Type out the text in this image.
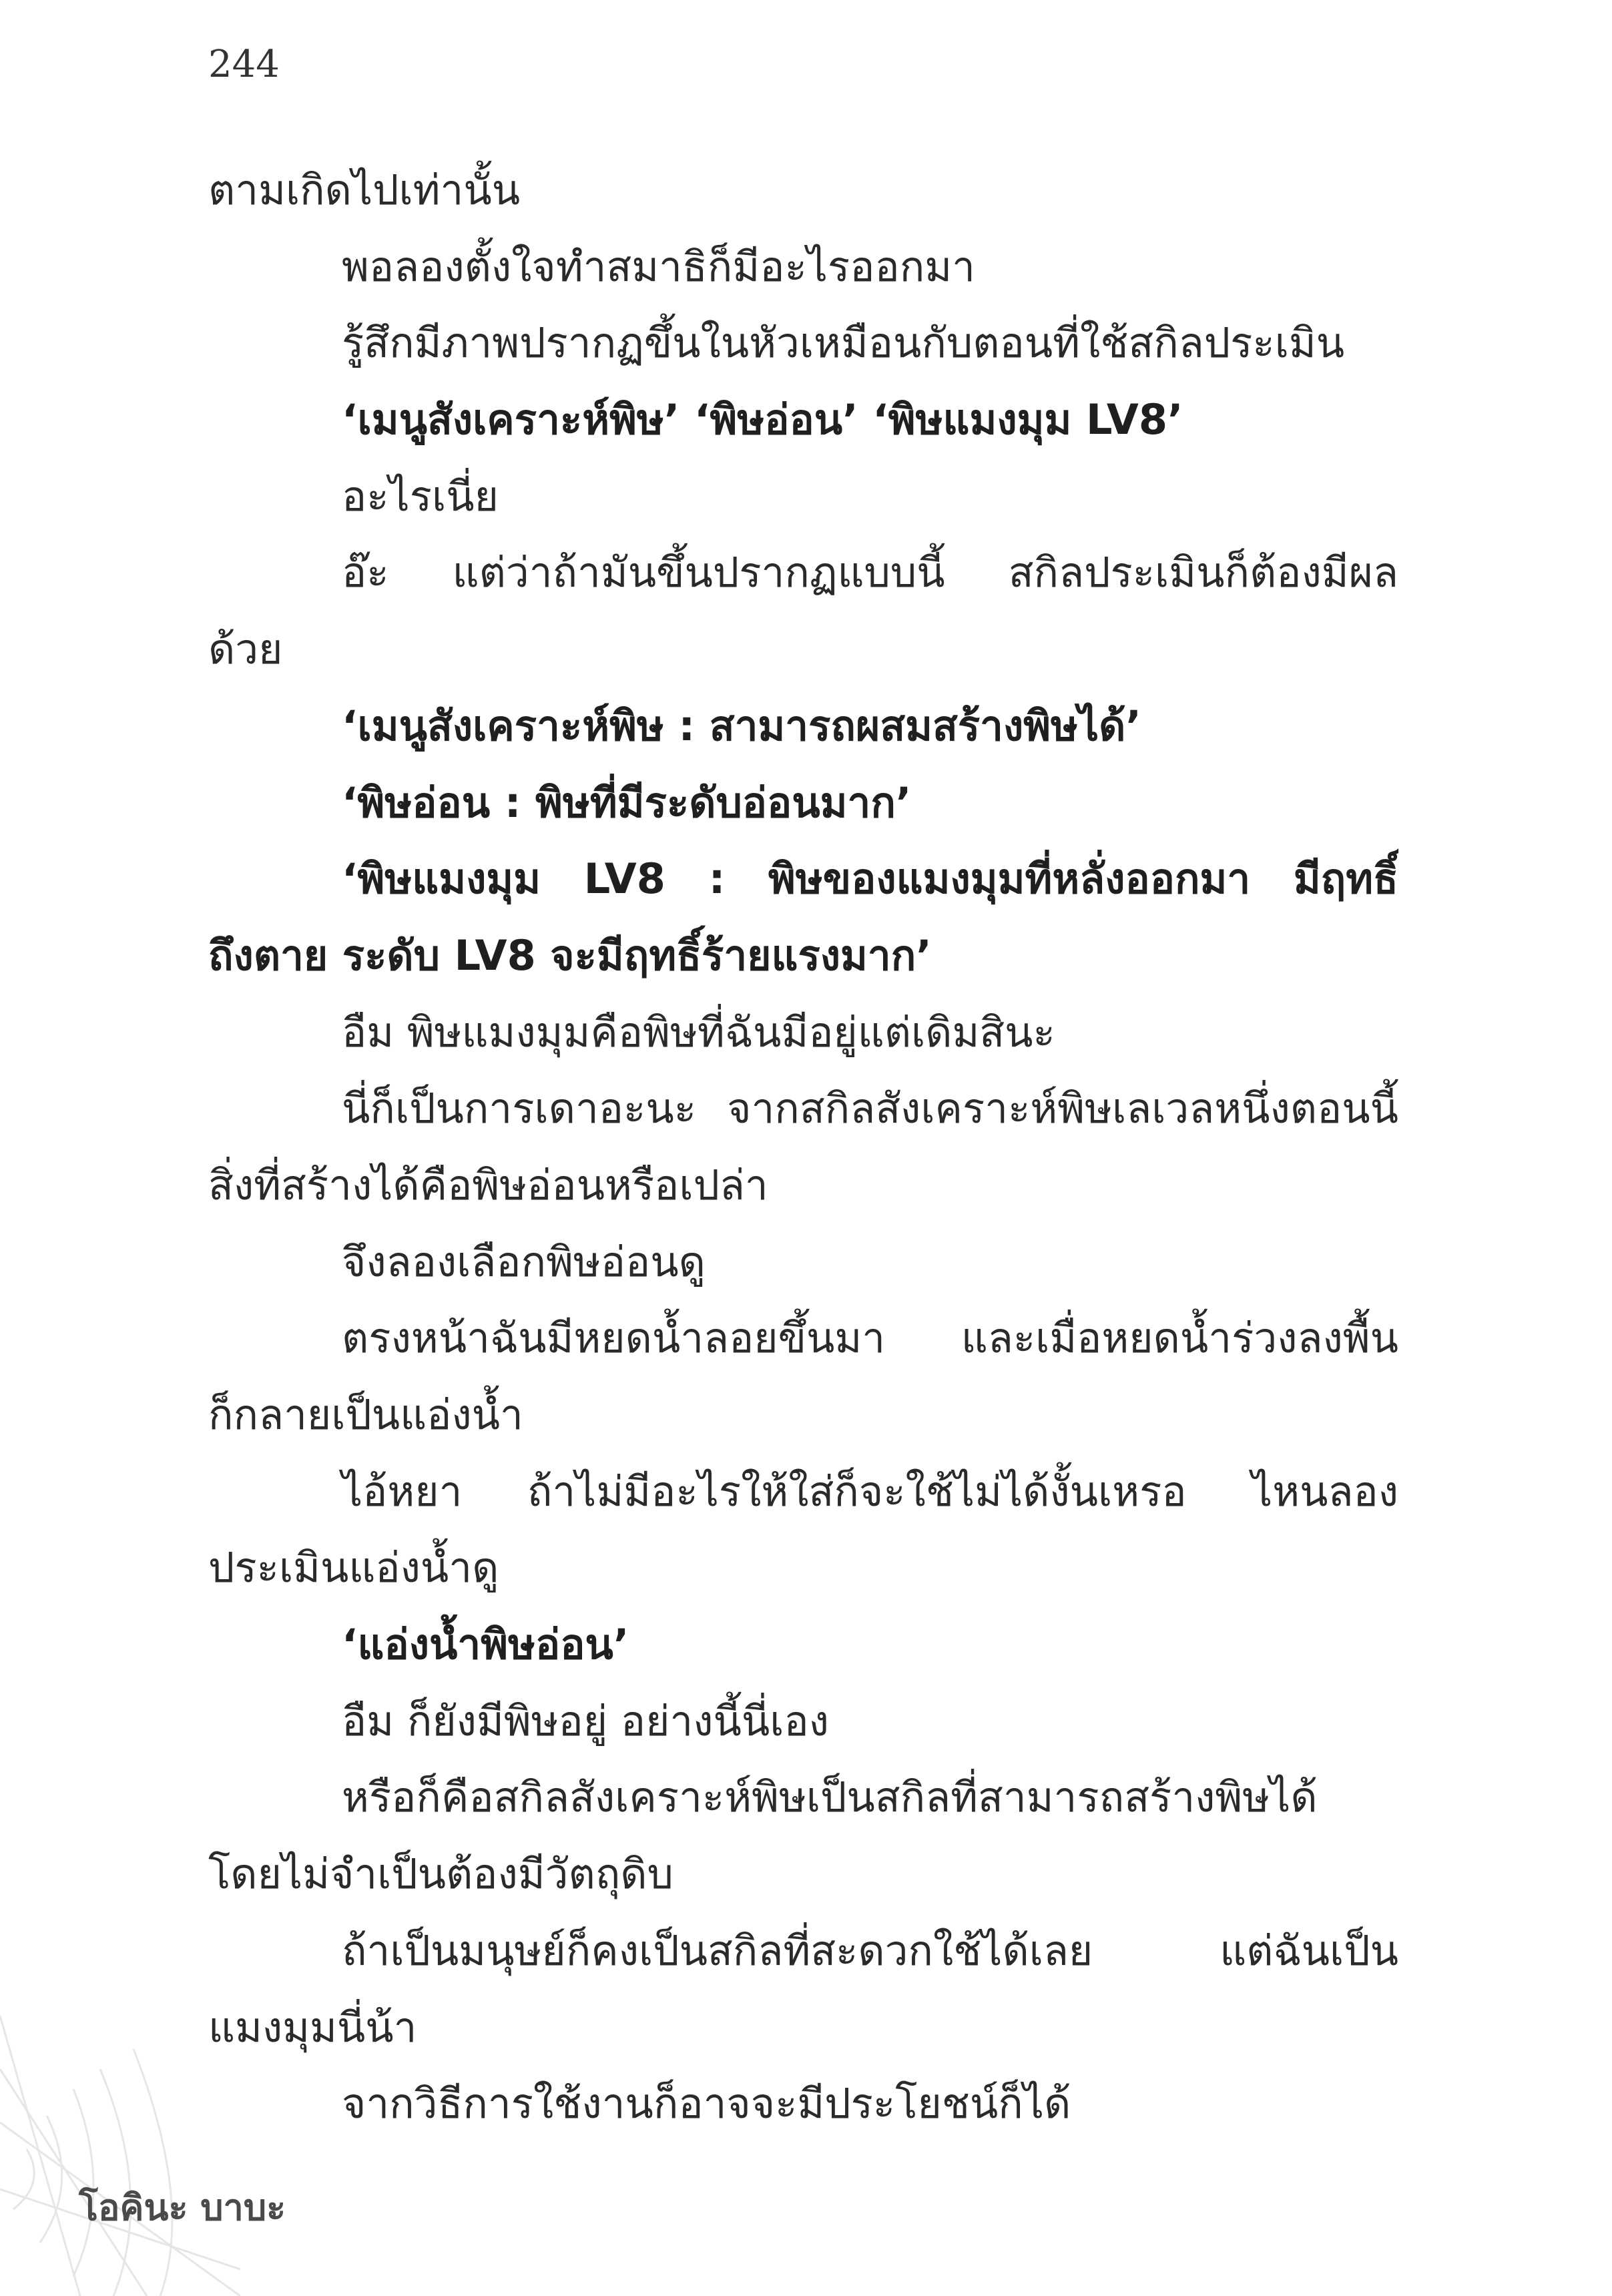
244
ตามเกิดไปเท่านั้น
พอลองตั้งใจทำสมาธิก็มีอะไรออกมา
รู้สึกมีภาพปรากฏขึ้นในหัวเหมือนกับตอนที่ใช้สกิลประเมิน
‘เมนูสังเคราะห์พิษ’ ‘พิษอ่อน’ ‘พิษแมงมุม LV8’
อะไรเนี่ย
อ๊ะ แต่ว่าถ้ามันขึ้นปรากฏแบบนี้ สกิลประเมินก็ต้องมีผล
ด้วย
‘เมนูสังเคราะห์พิษ : สามารถผสมสร้างพิษได้’
‘พิษอ่อน : พิษที่มีระดับอ่อนมาก’
‘พิษแมงมุม LV8 : พิษของแมงมุมที่หลั่งออกมา มีฤทธิ์
ถึงตาย ระดับ LV8 จะมีฤทธิ์ร้ายแรงมาก’
อืม พิษแมงมุมคือพิษที่ฉันมีอยู่แต่เดิมสินะ
นี่ก็เป็นการเดาอะนะ จากสกิลสังเคราะห์พิษเลเวลหนึ่งตอนนี้
สิ่งที่สร้างได้คือพิษอ่อนหรือเปล่า
จึงลองเลือกพิษอ่อนดู
ตรงหน้าฉันมีหยดน้ำลอยขึ้นมา และเมื่อหยดน้ำร่วงลงพื้น
ก็กลายเป็นแอ่งน้ำ
ไอ้หยา ถ้าไม่มีอะไรให้ใส่ก็จะใช้ไม่ได้งั้นเหรอ ไหนลอง
ประเมินแอ่งน้ำดู
‘แอ่งน้ำพิษอ่อน’
อืม ก็ยังมีพิษอยู่ อย่างนี้นี่เอง
หรือก็คือสกิลสังเคราะห์พิษเป็นสกิลที่สามารถสร้างพิษได้
โดยไม่จำเป็นต้องมีวัตถุดิบ
ถ้าเป็นมนุษย์ก็คงเป็นสกิลที่สะดวกใช้ได้เลย แต่ฉันเป็น
แมงมุมนี่น้า
จากวิธีการใช้งานก็อาจจะมีประโยชน์ก็ได้
โอคินะ บาบะ
